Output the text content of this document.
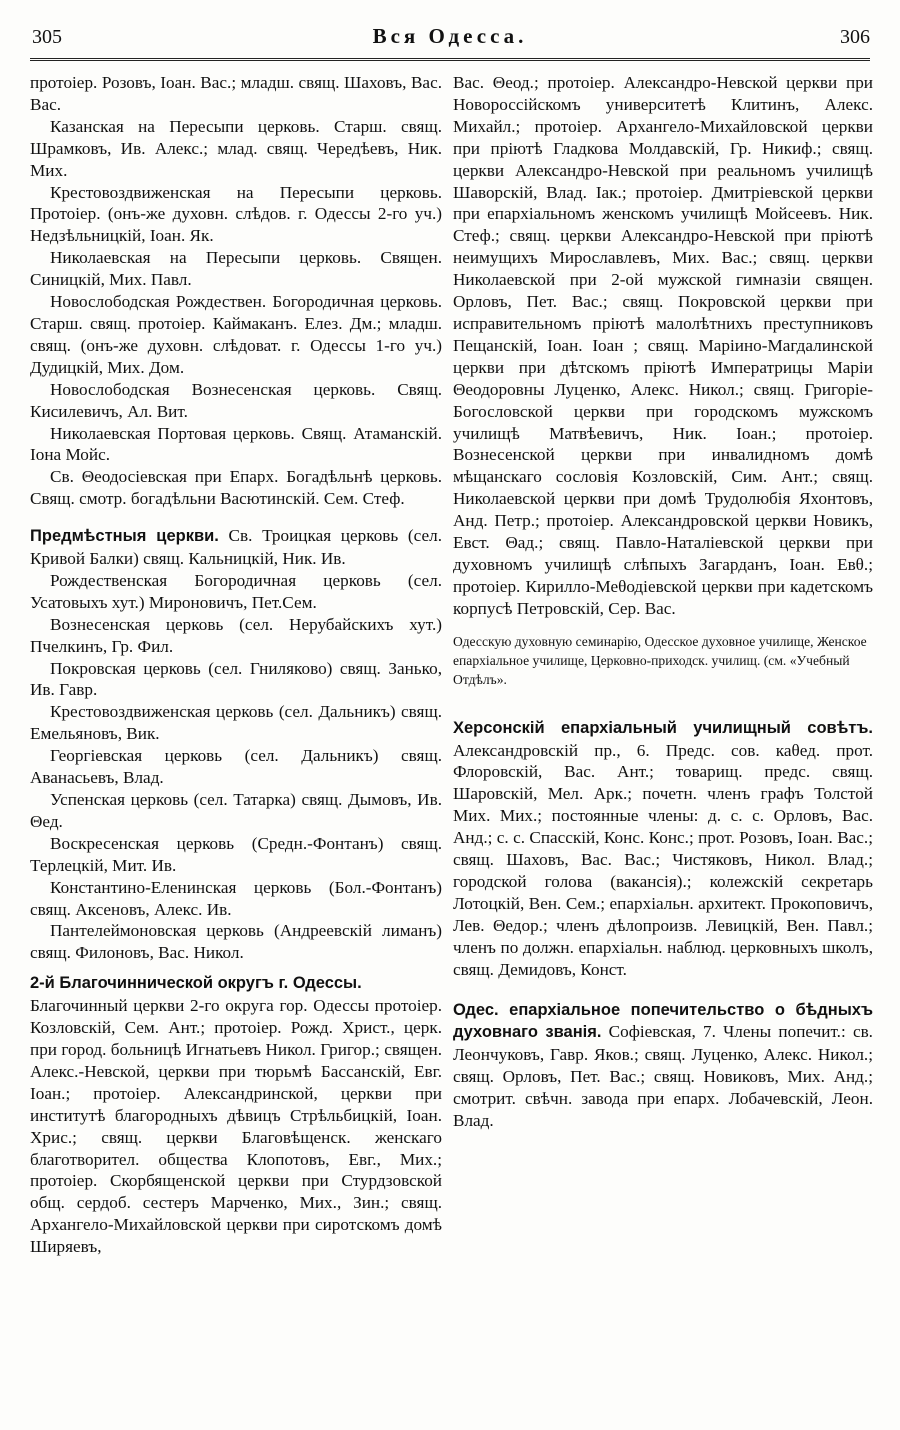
305	Вся Одесса.	306

протоiер. Розовъ, Iоан. Вас.; младш. свящ. Шаховъ, Вас. Вас.

Казанская на Пересыпи церковь. Старш. свящ. Шрамковъ, Ив. Алекс.; млад. свящ. Чередѣевъ, Ник. Мих.

Крестовоздвиженская на Пересыпи церковь. Протоiер. (онъ-же духовн. слѣдов. г. Одессы 2-го уч.) Недзѣльницкiй, Iоан. Як.

Николаевская на Пересыпи церковь. Священ. Синицкiй, Мих. Павл.

Новослободская Рождествен. Богородичная церковь. Старш. свящ. протоiер. Каймаканъ. Елез. Дм.; младш. свящ. (онъ-же духовн. слѣдоват. г. Одессы 1-го уч.) Дудицкiй, Мих. Дом.

Новослободская Вознесенская церковь. Свящ. Кисилевичъ, Ал. Вит.

Николаевская Портовая церковь. Свящ. Атаманскiй. Iона Мойс.

Св. Θеодосiевская при Епарх. Богадѣльнѣ церковь. Свящ. смотр. богадѣльни Васютинскiй. Сем. Стеф.

Предмѣстныя церкви. Св. Троицкая церковь (сел. Кривой Балки) свящ. Кальницкiй, Ник. Ив.

Рождественская Богородичная церковь (сел. Усатовыхъ хут.) Мироновичъ, Пет.Сем.

Вознесенская церковь (сел. Нерубайскихъ хут.) Пчелкинъ, Гр. Фил.

Покровская церковь (сел. Гниляково) свящ. Занько, Ив. Гавр.

Крестовоздвиженская церковь (сел. Дальникъ) свящ. Емельяновъ, Вик.

Георгiевская церковь (сел. Дальникъ) свящ. Аванасьевъ, Влад.

Успенская церковь (сел. Татарка) свящ. Дымовъ, Ив. Θед.

Воскресенская церковь (Средн.-Фонтанъ) свящ. Терлецкiй, Мит. Ив.

Константино-Еленинская церковь (Бол.-Фонтанъ) свящ. Аксеновъ, Алекс. Ив.

Пантелеймоновская церковь (Андреевскiй лиманъ) свящ. Филоновъ, Вас. Никол.

2-й Благочиннической округъ г. Одессы.

Благочинный церкви 2-го округа гор. Одессы протоiер. Козловскiй, Сем. Ант.; протоiер. Рожд. Христ., церк. при город. больницѣ Игнатьевъ Никол. Григор.; священ. Алекс.-Невской, церкви при тюрьмѣ Бассанскiй, Евг. Iоан.; протоiер. Александринской, церкви при институтѣ благородныхъ дѣвицъ Стрѣльбицкiй, Iоан. Хрис.; свящ. церкви Благовѣщенск. женскаго благотворител. общества Клопотовъ, Евг., Мих.; протоiер. Скорбященской церкви при Стурдзовской общ. сердоб. сестеръ Марченко, Мих., Зин.; свящ. Архангело-Михайловской церкви при сиротскомъ домѣ Ширяевъ,

Вас. Θеод.; протоiер. Александро-Невской церкви при Новороссiйскомъ университетѣ Клитинъ, Алекс. Михайл.; протоiер. Архангело-Михайловской церкви при прiютѣ Гладкова Молдавскiй, Гр. Никиф.; свящ. церкви Александро-Невской при реальномъ училищѣ Шаворскiй, Влад. Iак.; протоiер. Дмитрiевской церкви при епархiальномъ женскомъ училищѣ Мойсеевъ. Ник. Стеф.; свящ. церкви Александро-Невской при прiютѣ неимущихъ Мирославлевъ, Мих. Вас.; свящ. церкви Николаевской при 2-ой мужской гимназiи священ. Орловъ, Пет. Вас.; свящ. Покровской церкви при исправительномъ прiютѣ малолѣтнихъ преступниковъ Пещанскiй, Iоан. Iоан ; свящ. Марiино-Магдалинской церкви при дѣтскомъ прiютѣ Императрицы Марiи Θеодоровны Луценко, Алекс. Никол.; свящ. Григорiе-Богословской церкви при городскомъ мужскомъ училищѣ Матвѣевичъ, Ник. Iоан.; протоiер. Вознесенской церкви при инвалидномъ домѣ мѣщанскаго сословiя Козловскiй, Сим. Ант.; свящ. Николаевской церкви при домѣ Трудолюбiя Яхонтовъ, Анд. Петр.; протоiер. Александровской церкви Новикъ, Евст. Θад.; свящ. Павло-Наталiевской церкви при духовномъ училищѣ слѣпыхъ Загарданъ, Iоан. Евθ.; протоiер. Кирилло-Меθодiевской церкви при кадетскомъ корпусѣ Петровскiй, Сер. Вас.

Одесскую духовную семинарiю, Одесское духовное училище, Женское епархiальное училище, Церковно-приходск. училищ. (см. «Учебный Отдѣлъ».

Херсонскiй епархiальный училищный совѣтъ. Александровскiй пр., 6. Предс. сов. каθед. прот. Флоровскiй, Вас. Ант.; товарищ. предс. свящ. Шаровскiй, Мел. Арк.; почетн. членъ графъ Толстой Мих. Мих.; постоянные члены: д. с. с. Орловъ, Вас. Анд.; с. с. Спасскiй, Конс. Конс.; прот. Розовъ, Iоан. Вас.; свящ. Шаховъ, Вас. Вас.; Чистяковъ, Никол. Влад.; городской голова (вакансiя).; колежскiй секретарь Лотоцкiй, Вен. Сем.; епархiальн. архитект. Прокоповичъ, Лев. Θедор.; членъ дѣлопроизв. Левицкiй, Вен. Павл.; членъ по должн. епархiальн. наблюд. церковныхъ школъ, свящ. Демидовъ, Конст.

Одес. епархiальное попечительство о бѣдныхъ духовнаго званiя. Софiевская, 7. Члены попечит.: св. Леончуковъ, Гавр. Яков.; свящ. Луценко, Алекс. Никол.; свящ. Орловъ, Пет. Вас.; свящ. Новиковъ, Мих. Анд.; смотрит. свѣчн. завода при епарх. Лобачевскiй, Леон. Влад.
